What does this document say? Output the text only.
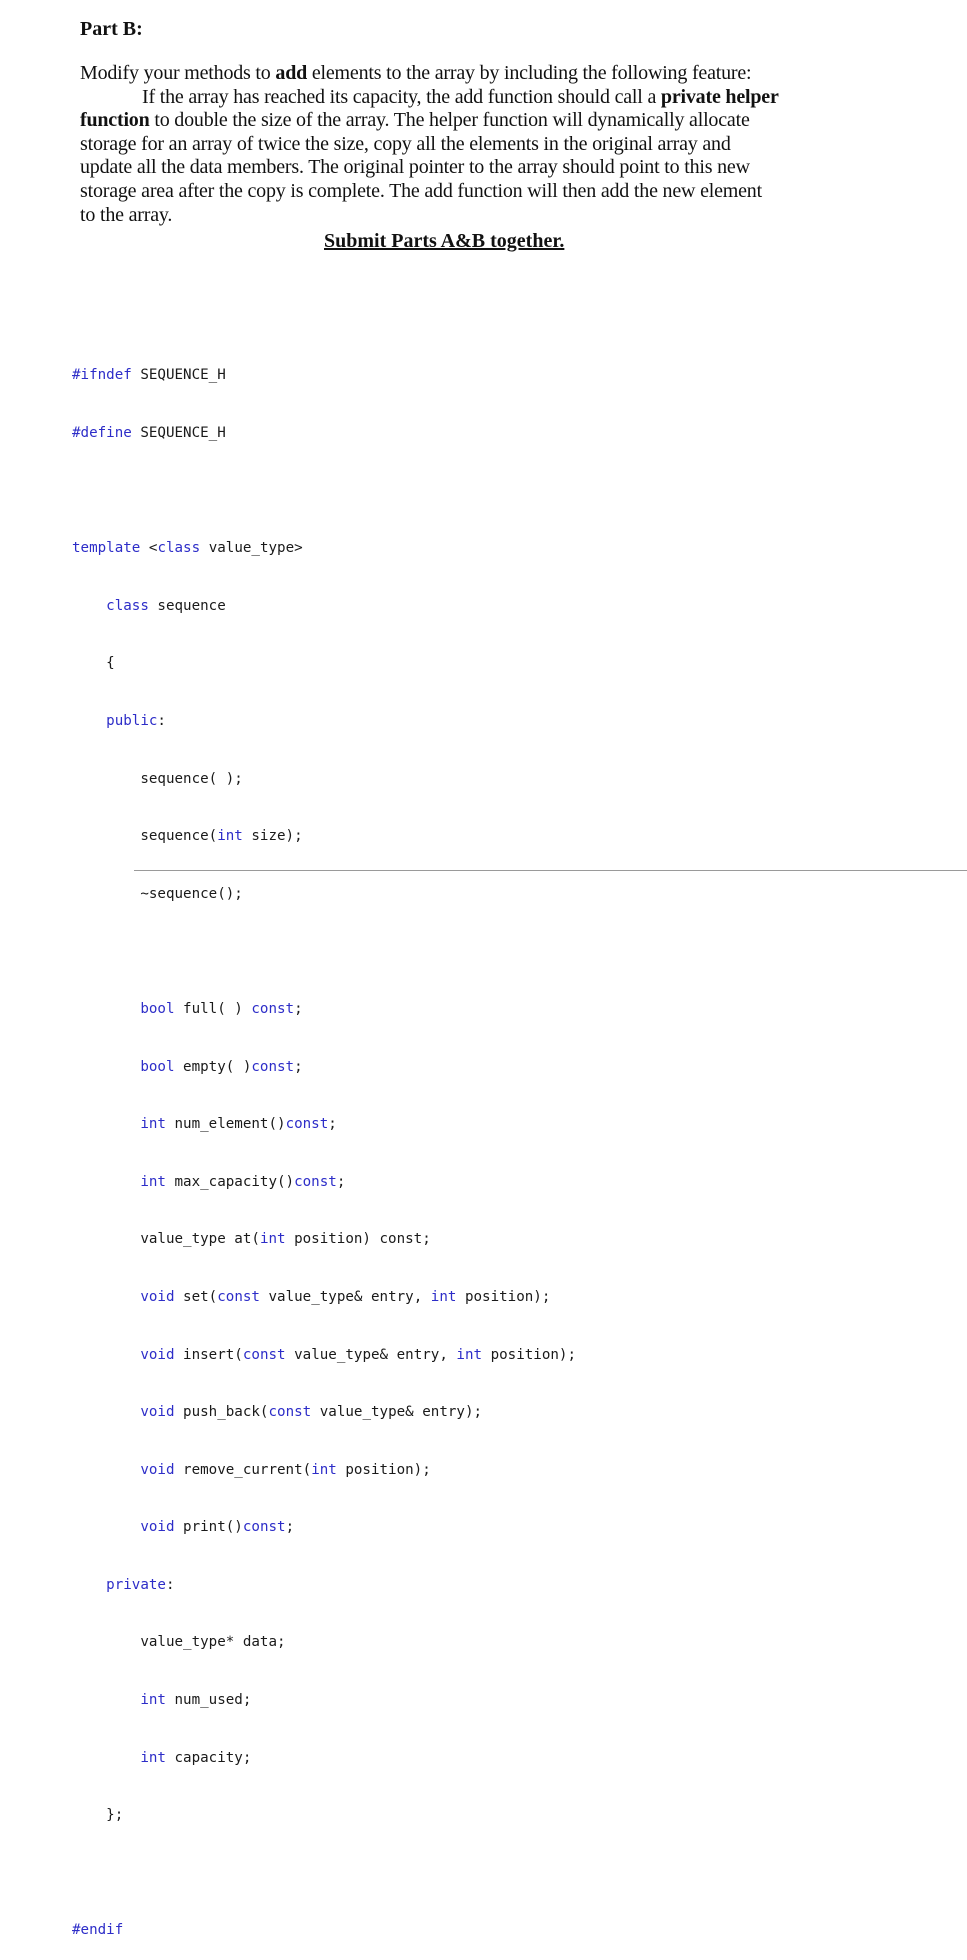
Part B:

Modify your methods to add elements to the array by including the following feature:
If the array has reached its capacity, the add function should call a private helper
function to double the size of the array. The helper function will dynamically allocate
storage for an array of twice the size, copy all the elements in the original array and
update all the data members. The original pointer to the array should point to this new
storage area after the copy is complete. The add function will then add the new element
to the array.
Submit Parts A&B together.

#ifndef SEQUENCE_H

#define SEQUENCE_H

template <class value_type>

class sequence

{

public:

sequence( );

sequence(int size);

~sequence();

bool full( ) const;

bool empty( )const;

int num_element()const;

int max_capacity()const;

value_type at(int position) const;

void set(const value_type& entry, int position);

void insert(const value_type& entry, int position);

void push_back(const value_type& entry);

void remove_current(int position);

void print()const;

private:

value_type* data;

int num_used;

int capacity;

};

#endif
